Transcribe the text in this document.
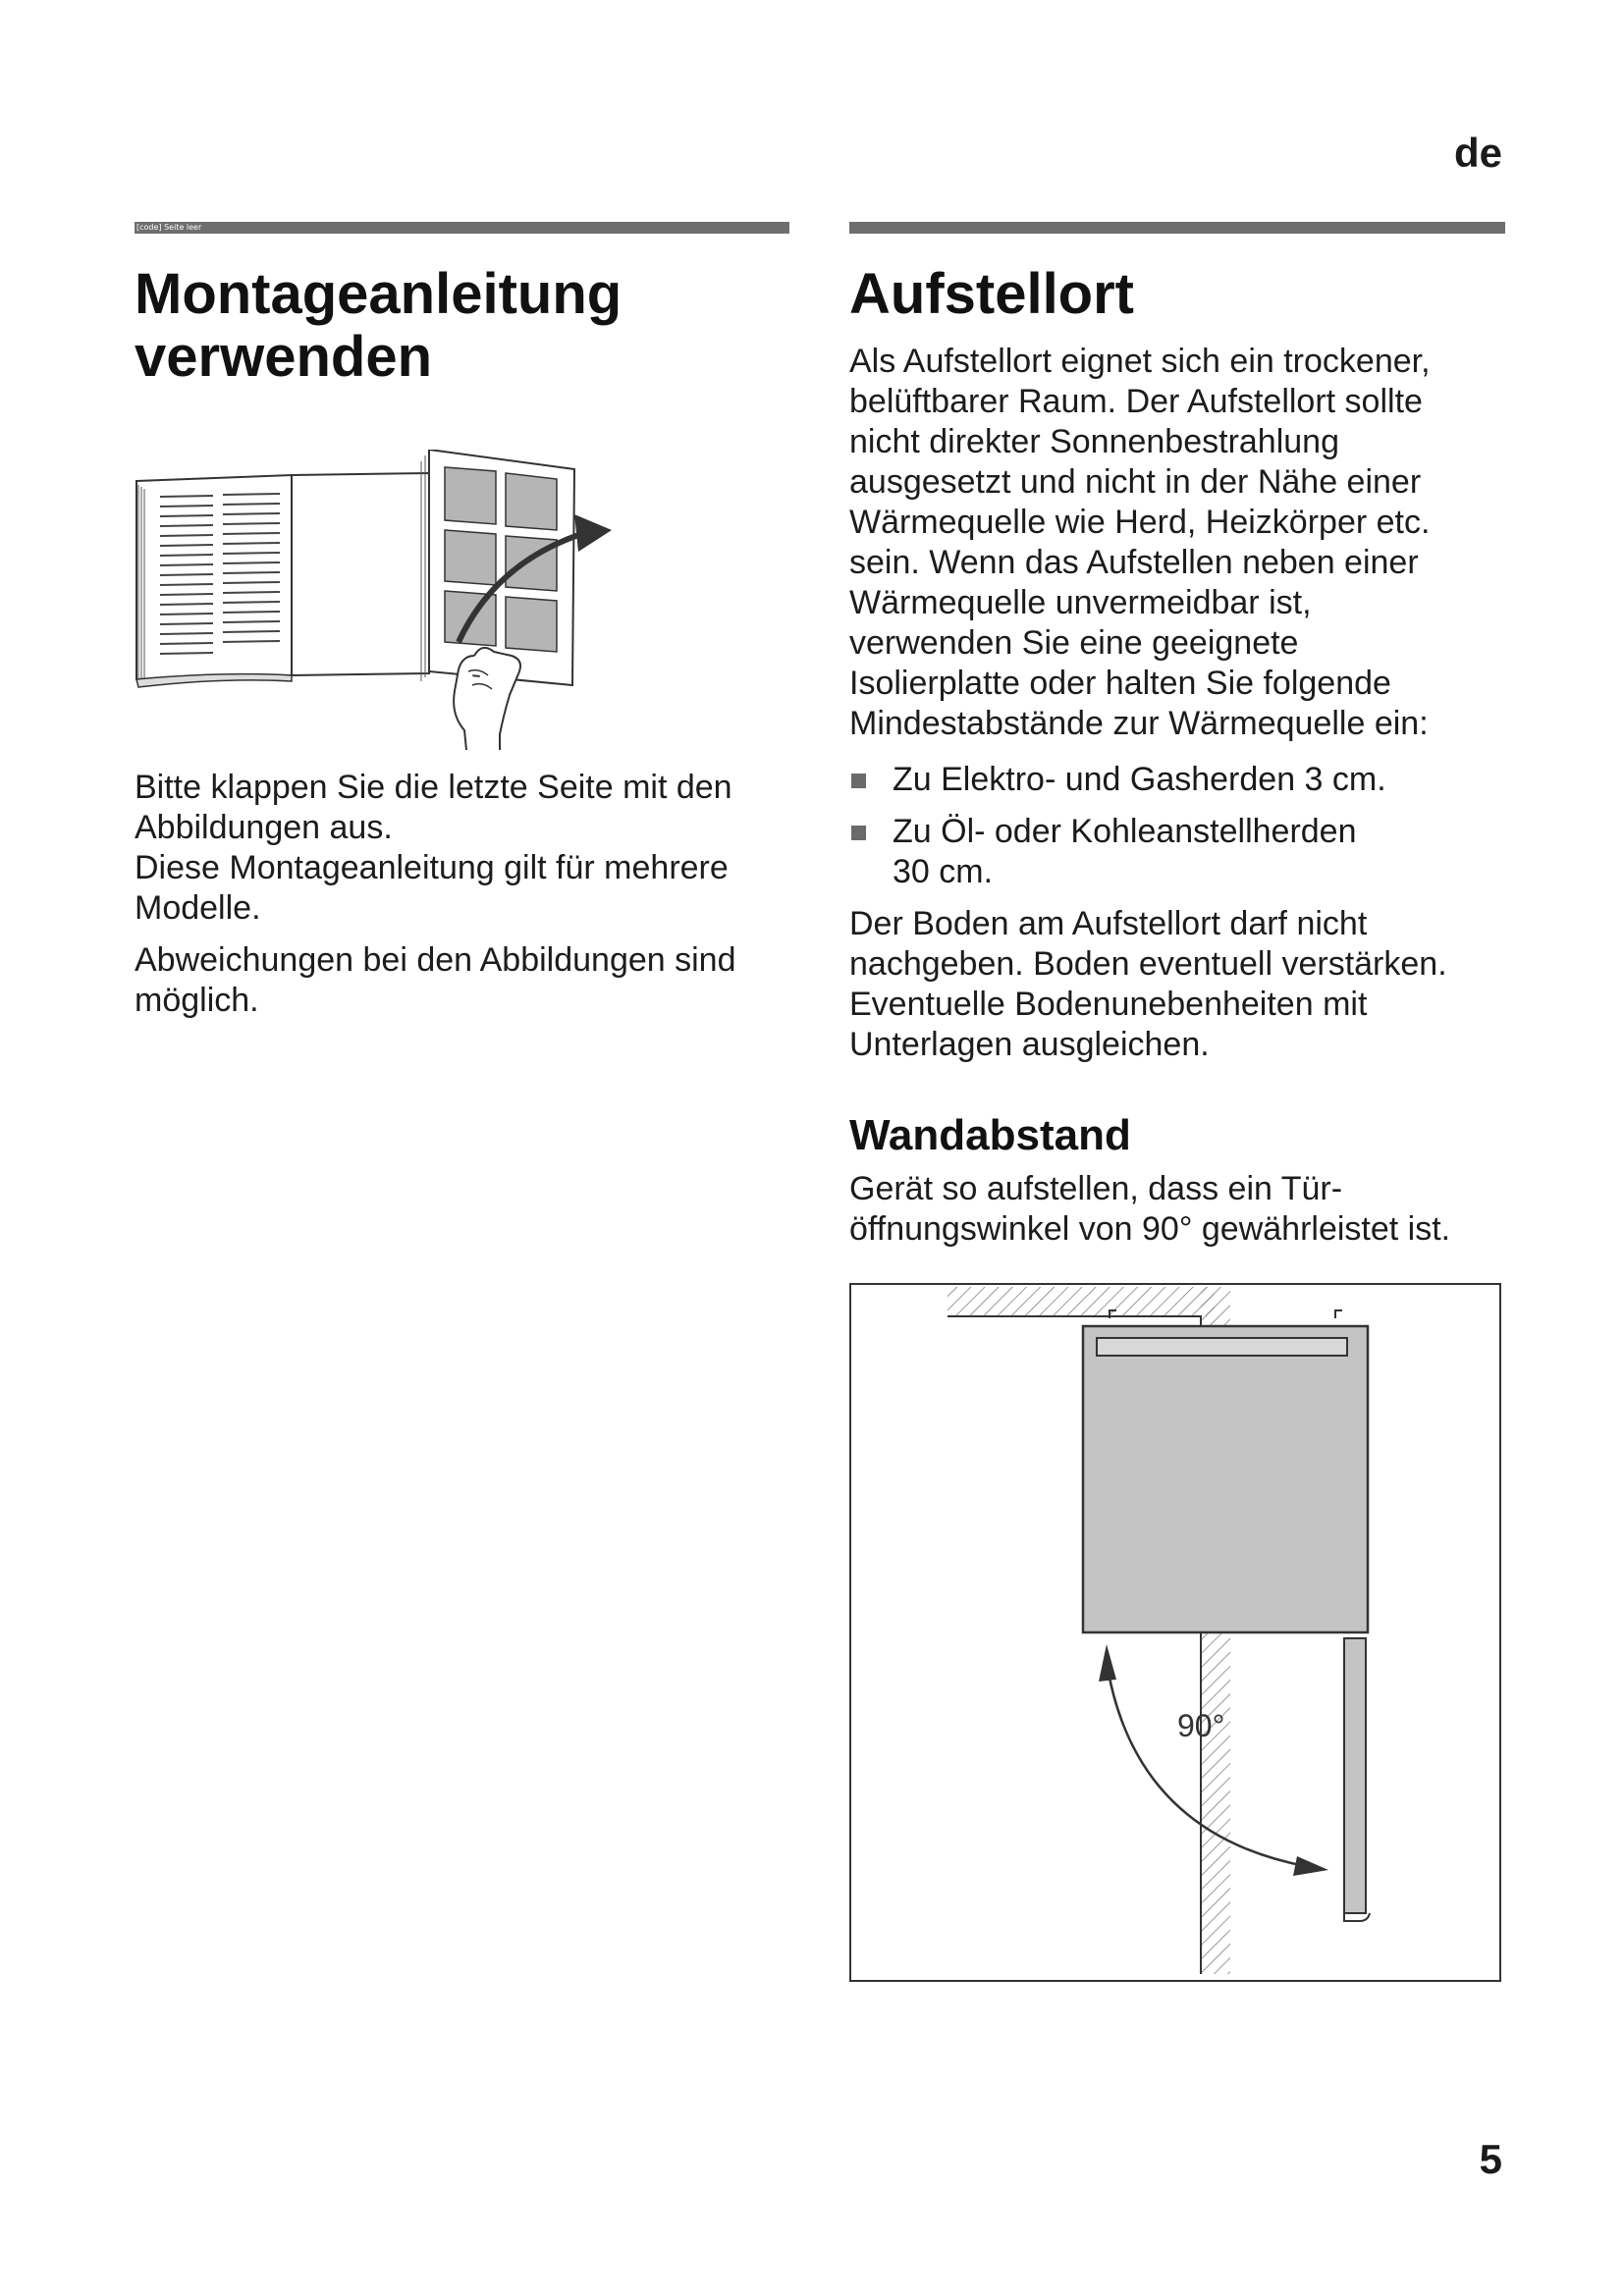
de
[code] Seite leer
Montageanleitung
verwenden

Bitte klappen Sie die letzte Seite mit den
Abbildungen aus.
Diese Montageanleitung gilt für mehrere
Modelle.

Abweichungen bei den Abbildungen sind
möglich.

Aufstellort

Als Aufstellort eignet sich ein trockener,
belüftbarer Raum. Der Aufstellort sollte
nicht direkter Sonnenbestrahlung
ausgesetzt und nicht in der Nähe einer
Wärmequelle wie Herd, Heizkörper etc.
sein. Wenn das Aufstellen neben einer
Wärmequelle unvermeidbar ist,
verwenden Sie eine geeignete
Isolierplatte oder halten Sie folgende
Mindestabstände zur Wärmequelle ein:

Zu Elektro- und Gasherden 3 cm.
Zu Öl- oder Kohleanstellherden
30 cm.

Der Boden am Aufstellort darf nicht
nachgeben. Boden eventuell verstärken.
Eventuelle Bodenunebenheiten mit
Unterlagen ausgleichen.

Wandabstand

Gerät so aufstellen, dass ein Tür-
öffnungswinkel von 90° gewährleistet ist.

90°
5
